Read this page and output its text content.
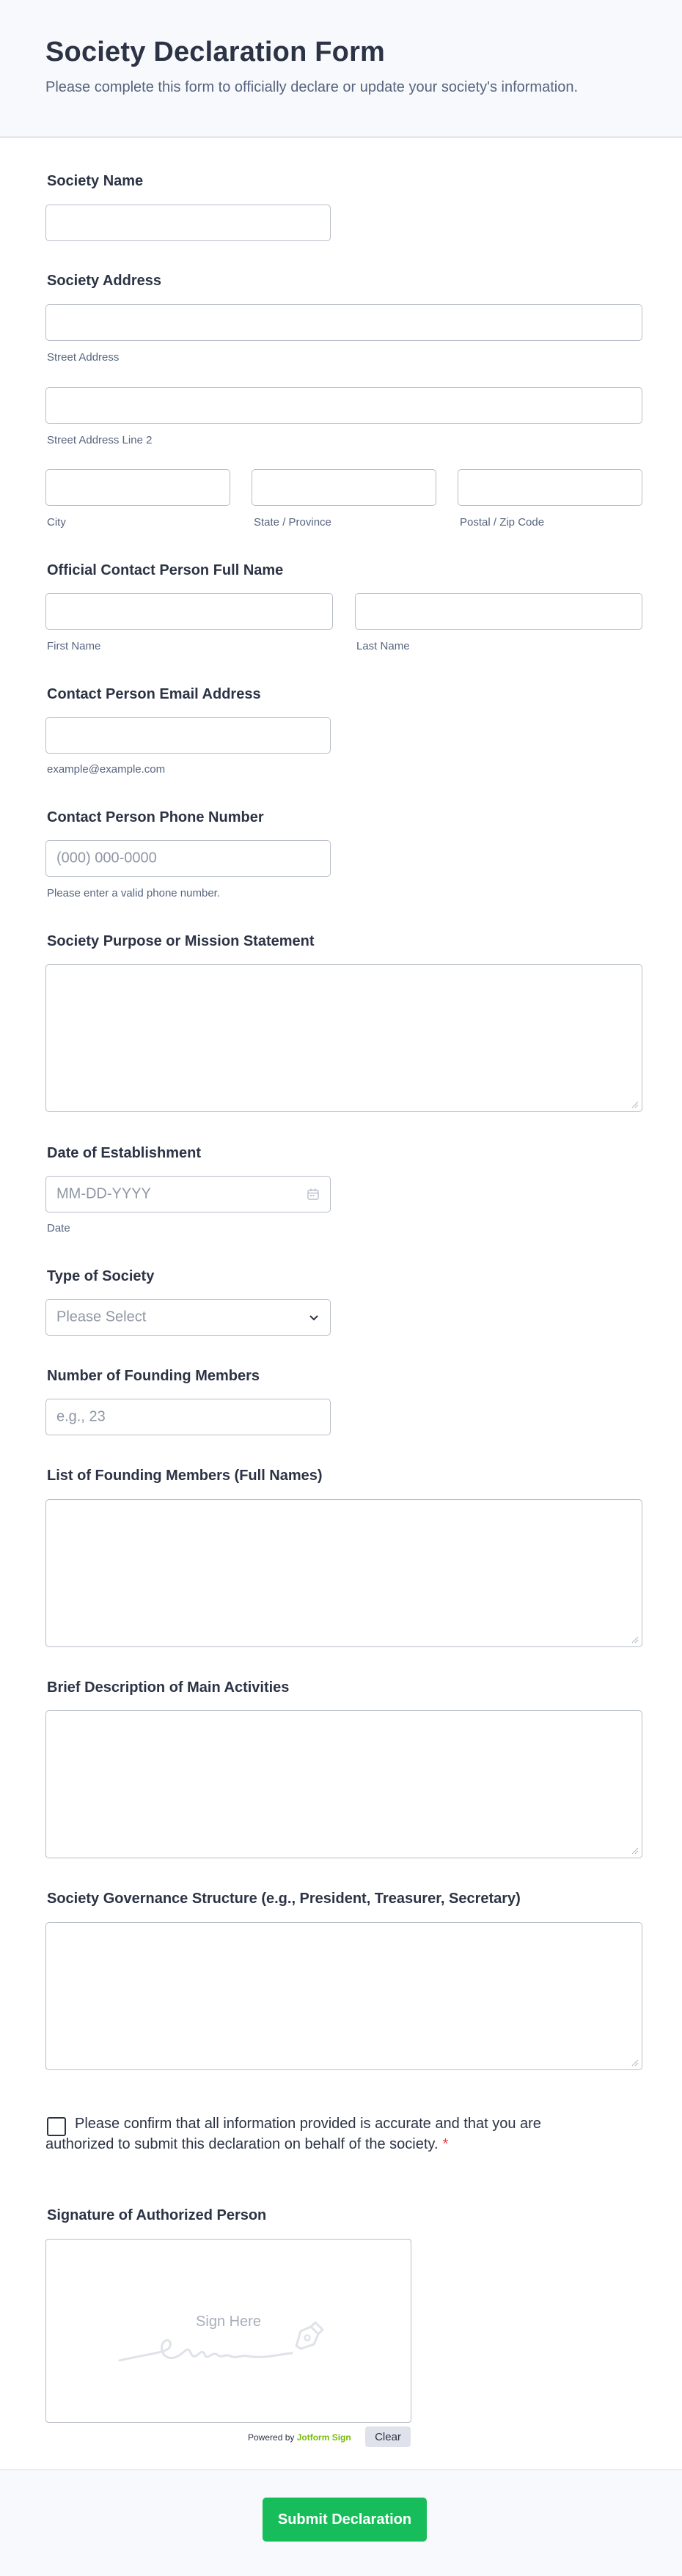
Society Declaration Form

Please complete this form to officially declare or update your society's information.

Society Name
Society Address
Street Address
Street Address Line 2
City	State / Province	Postal / Zip Code
Official Contact Person Full Name
First Name	Last Name
Contact Person Email Address
example@example.com
Contact Person Phone Number
(000) 000-0000
Please enter a valid phone number.
Society Purpose or Mission Statement
Date of Establishment
MM-DD-YYYY
Date
Type of Society
Please Select
Number of Founding Members
e.g., 23
List of Founding Members (Full Names)
Brief Description of Main Activities
Society Governance Structure (e.g., President, Treasurer, Secretary)

Please confirm that all information provided is accurate and that you are authorized to submit this declaration on behalf of the society. *

Signature of Authorized Person
Sign Here
Powered by Jotform Sign	Clear
Submit Declaration
